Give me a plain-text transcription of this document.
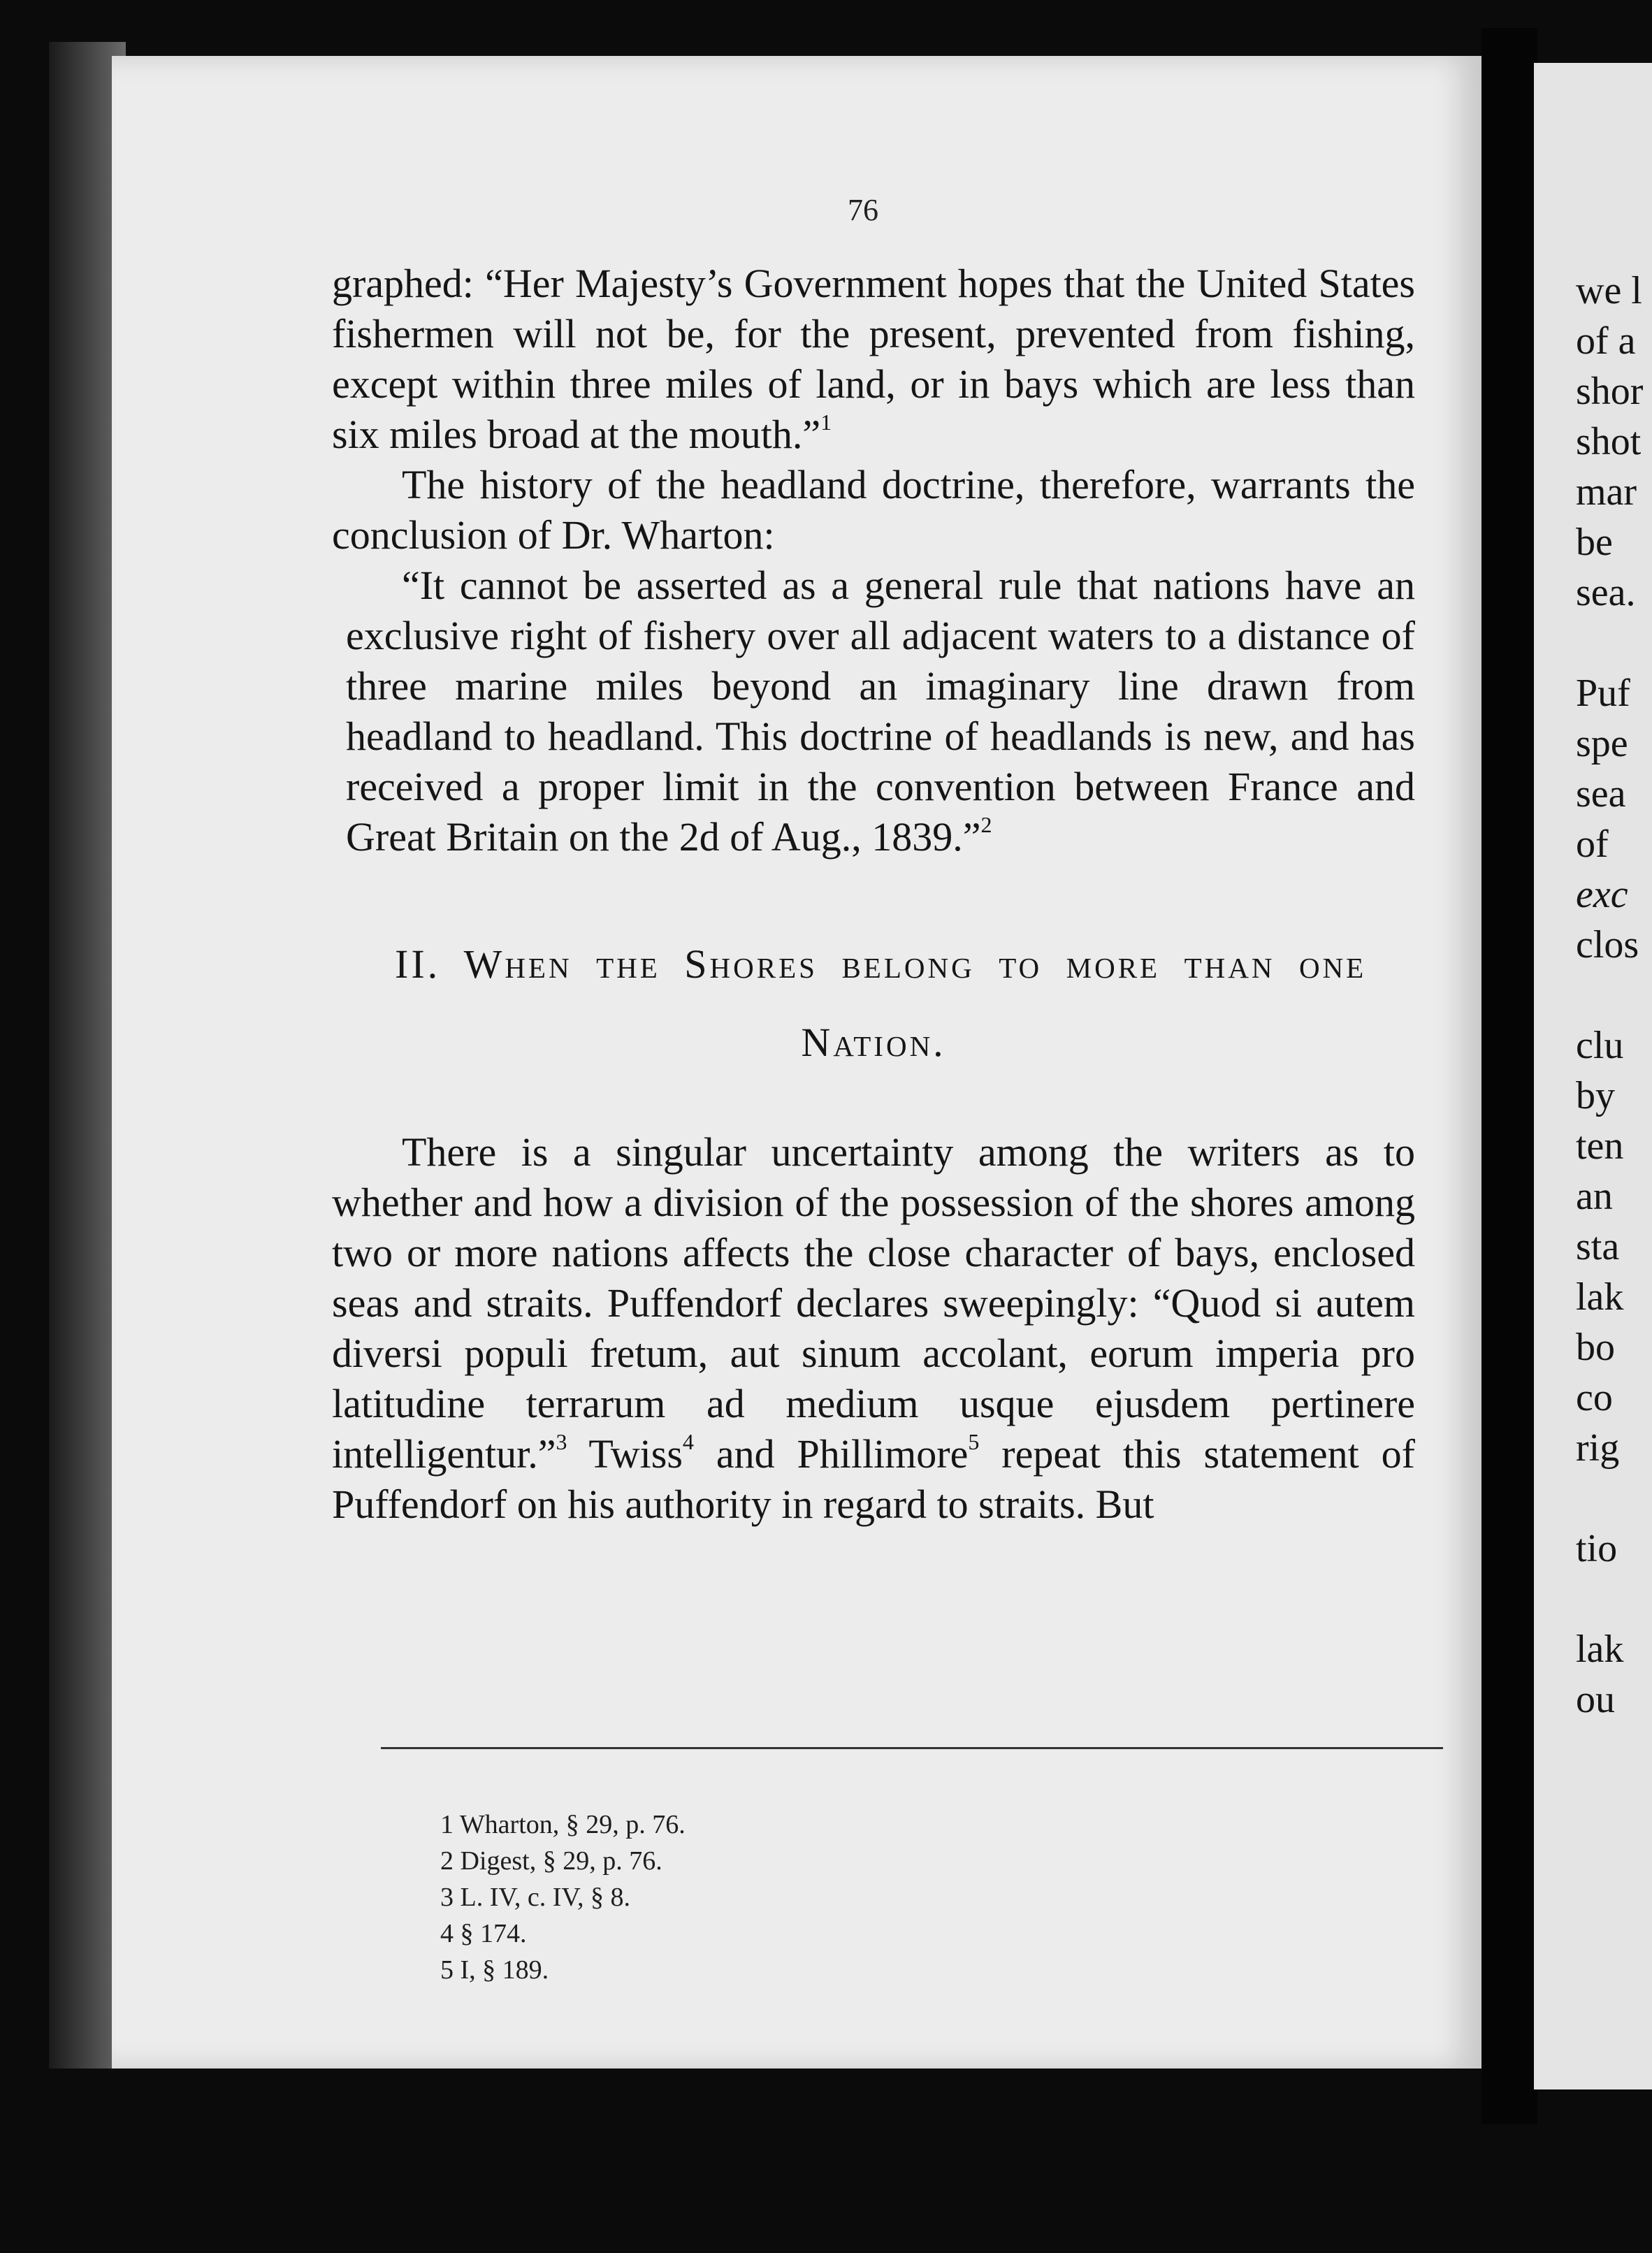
76

graphed: “Her Majesty’s Government hopes that the United States fishermen will not be, for the present, prevented from fishing, except within three miles of land, or in bays which are less than six miles broad at the mouth.”$^1$

The history of the headland doctrine, therefore, warrants the conclusion of Dr. Wharton:

“It cannot be asserted as a general rule that nations have an exclusive right of fishery over all adjacent waters to a distance of three marine miles beyond an imaginary line drawn from headland to headland. This doctrine of headlands is new, and has received a proper limit in the convention between France and Great Britain on the 2d of Aug., 1839.”$^2$

II. When the Shores belong to more than one

Nation.

There is a singular uncertainty among the writers as to whether and how a division of the possession of the shores among two or more nations affects the close character of bays, enclosed seas and straits. Puffendorf declares sweepingly: “Quod si autem diversi populi fretum, aut sinum accolant, eorum imperia pro latitudine terrarum ad medium usque ejusdem pertinere intelligentur.”$^3$ Twiss$^4$ and Phillimore$^5$ repeat this statement of Puffendorf on his authority in regard to straits. But

1 Wharton, § 29, p. 76.
2 Digest, § 29, p. 76.
3 L. IV, c. IV, § 8.
4 § 174.
5 I, § 189.
we l
of a
shor
shot
mar
be
sea.
Puf
spe
sea
of
exc
clos
clu
by
ten
an
sta
lak
bo
co
rig
tio
lak
ou
